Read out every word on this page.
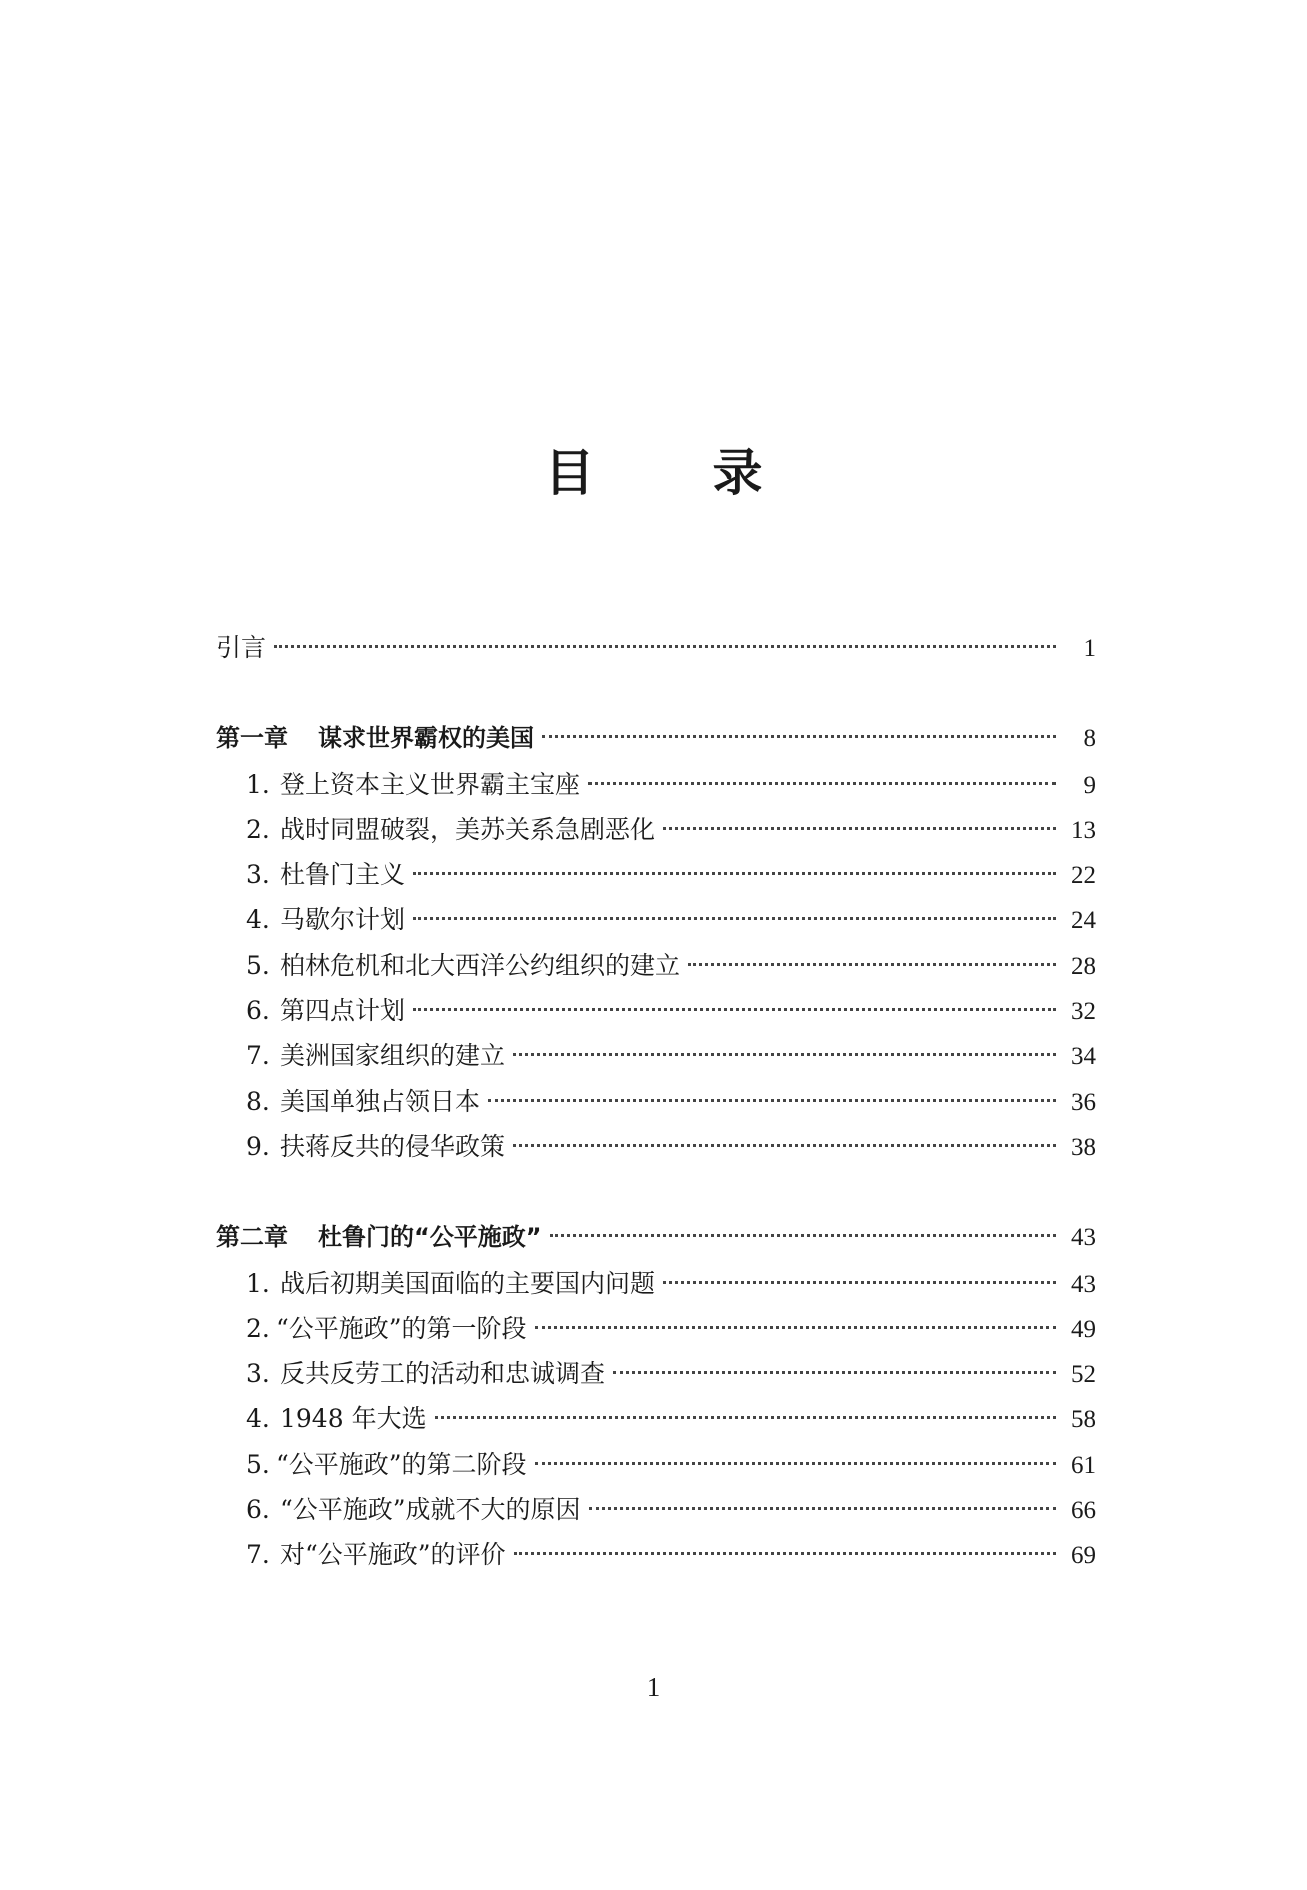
目 录
引言	1
第一章 谋求世界霸权的美国	8
1. 登上资本主义世界霸主宝座	9
2. 战时同盟破裂，美苏关系急剧恶化	13
3. 杜鲁门主义	22
4. 马歇尔计划	24
5. 柏林危机和北大西洋公约组织的建立	28
6. 第四点计划	32
7. 美洲国家组织的建立	34
8. 美国单独占领日本	36
9. 扶蒋反共的侵华政策	38
第二章 杜鲁门的“公平施政”	43
1. 战后初期美国面临的主要国内问题	43
2. “公平施政”的第一阶段	49
3. 反共反劳工的活动和忠诚调查	52
4. 1948 年大选	58
5. “公平施政”的第二阶段	61
6. “公平施政”成就不大的原因	66
7. 对“公平施政”的评价	69

1
